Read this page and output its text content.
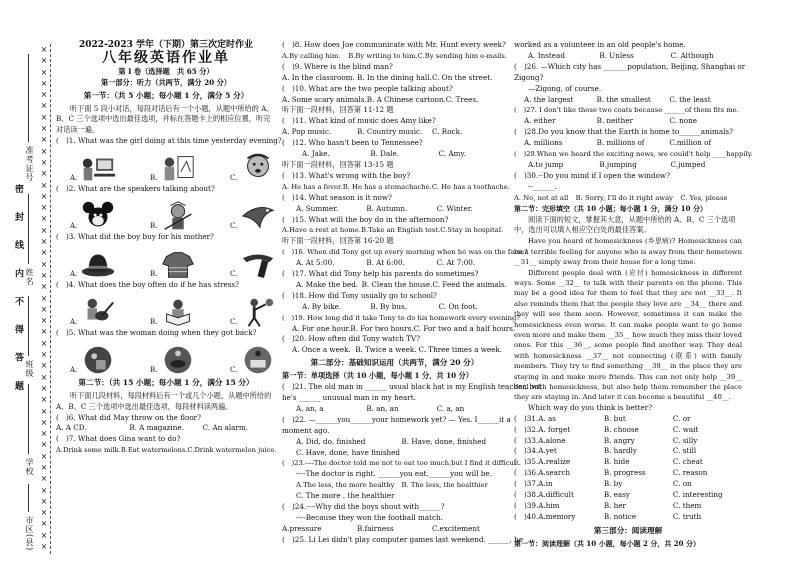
×
×
×
×
×
×
×
×
×
×
×
×
×
×
×
×
×
×
×
×
×
×
×
×
×
×
×
×
×
×
×
×
×
×
×
×
×
×
×
×
×
×
×
×
×
准考证号
姓名
班级
学校
市区(县)
密 封 线 内 不 得 答 题
2022-2023 学年（下期）第三次定时作业
八年级英语作业单
第 I 卷（选择题　共 65 分）
第一部分：听力（共两节，满分 20 分）
第一节：（共 5 小题；每小题 1 分，满分 5 分）
听下面 5 段小对话，每段对话后有一个小题，从题中所给的 A、B、C 三个选项中选出最佳选项，并标在答题卡上的相应位置，听完对话读一遍。
(　)1. What was the girl doing at this time yesterday evening?
A.	B.	C.
(　)2. What are the speakers talking about?
A.	B.	C.
(　)3. What did the boy buy for his mother?
A.	B.	C.
(　)4. What does the boy often do if he has stress?
A.	B.	C.
(　)5. What was the woman doing when they got back?
A.	B.	C.
第二节：（共 15 小题；每小题 1 分，满分 15 分）
听下面几段材料，每段材料后有一个或几个小题，从题中所给的 A、B、C 三个选项中选出最佳选项，每段材料读两遍。
(　)6. What did May throw on the floor?
A. A CD.	B. A magazine.	C. An alarm.
(　)7. What does Gina want to do?
A.Drink some milk. B.Eat watermelons. C.Drink watermelon juice.
(　)8. How does Joe communicate with Mr. Hunt every week?
A.By calling him.	B.By writing to him. C.By sending him e-mails.
(　)9. Where is the blind man?
A. In the classroom. B. In the dining hall. C. On the street.
(　)10. What are the two people talking about?
A. Some scary animals. B. A Chinese cartoon. C. Trees.
听下面一段材料，回答第 11-12 题
(　)11. What kind of music does Amy like?
A. Pop music.	B. Country music.	C. Rock.
(　)12. Who hasn't been to Tennessee?
A. Jake.	B. Dale.	C. Amy.
听下面一段材料，回答第 13-15 题
(　)13. What's wrong with the boy?
A. He has a fever. B. He has a stomachache. C. He has a toothache.
(　)14. What season is it now?
A. Summer.	B. Autumn.	C. Winter.
(　)15. What will the boy do in the afternoon?
A.Have a rest at home. B.Take an English test. C.Stay in hospital.
听下面一段材料，回答第 16-20 题
(　)16. When did Tony get up every morning when he was on the farm?
A. At 5:00.	B. At 6:00.	C. At 7:00.
(　)17. What did Tony help his parents do sometimes?
A. Make the bed. B. Clean the house. C. Feed the animals.
(　)18. How did Tony usually go to school?
A. By bike.	B. By bus.	C. On foot.
(　)19. How long did it take Tony to do his homework every evening?
A. For one hour. B. For two hours. C. For two and a half hours.
(　)20. How often did Tony watch TV?
A. Once a week. B. Twice a week. C. Three times a week.
第二部分：基础知识运用（共两节，满分 20 分）
第一节：单项选择（共 10 小题，每小题 1 分，共 10 分）
(　)21. The old man in ______ usual black hat is my English teacher, but
he's ______ unusual man in my heart.
A. an, a	B. an, an	C. a, an
(　)22. —______you______your homework yet? — Yes. I______it a
moment ago.
A. Did, do, finished	B. Have, done, finished
C. Have, done, have finished
(　)23.----The doctor told me not to eat too much,but I find it difficult.
----The doctor is right. ______you eat,______you will be.
A.The less, the more healthy	B. The less, the healthier
C. The more , the healthier
(　)24.----Why did the boys shout with______?
----Because they won the football match.
A.pressure	B.fairness	C.excitement
(　)25. Li Lei didn't play computer games last weekend. ______, he
worked as a volunteer in an old people's home.
A. Instead	B. Unless	C. Although
(　)26. —Which city has ______ population, Beijing, Shanghai or
Zigong?
—Zigong, of course.
A. the largest	B. the smallest	C. the least
(　)27. I don't like those two coats because ______of them fits me.
A. either	B. neither	C. none
(　)28.Do you know that the Earth is home to______animals?
A. millions	B. millions of	C.million of
(　)29.When we heard the exciting news, we could't help ____happily.
A.to jump	B.jumping	C.jumped
(　)30.--Do you mind if I open the window?
--______.
A. No, not at all	B. Sorry, I'll do it right away	C. Yes, please
第二节：完形填空（共 10 小题；每小题 1 分，满分 10 分）
阅读下面的短文，掌握其大意，从题中所给的 A、B、C 三个选项中，选出可以填入相应空白处的最佳答案。
Have you heard of homesickness (乡思病)? Homesickness can be a terrible feeling for anyone who is away from their hometown __31__ simply away from their house for a long time.
Different people deal with (应付) homesickness in different ways. Some __32__ to talk with their parents on the phone. This may be a good idea for them to feel that they are not __33__. It also reminds them that the people they love are __34__ there and they will see them soon. However, sometimes it can make the homesickness even worse. It can make people want to go home even more and make them __35__ how much they miss their loved ones. For this __36__, some people find another way. They deal with homesickness __37__ not connecting (联系) with family members. They try to find something __38__ in the place they are staying in and make more friends. This can not only help __39__ deal with homesickness, but also help them remember the place they are staying in. And later it can become a beautiful __40__.
Which way do you think is better?
(　)31.A. as	B. but	C. or
(　)32.A. forget	B. choose	C. wait
(　)33.A.alone	B. angry	C. silly
(　)34.A.yet	B. hardly	C. still
(　)35.A.realize	B. hide	C. cheat
(　)36.A.search	B. progress	C. reason
(　)37.A.in	B. by	C. on
(　)38.A.difficult	B. easy	C. interesting
(　)39.A.him	B. her	C. them
(　)40.A.memory	B. notice	C. truth
第三部分：阅读理解
第一节：阅读理解（共 10 小题，每小题 2 分，共 20 分）
